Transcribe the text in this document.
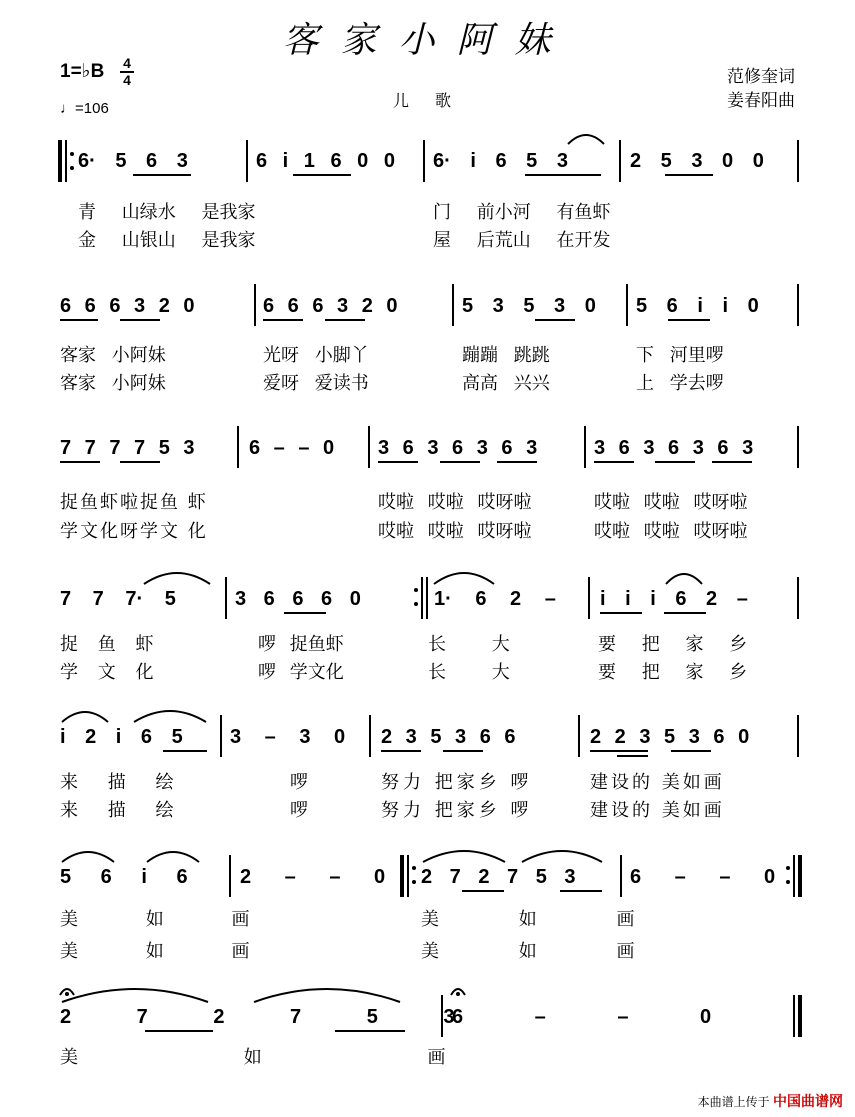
客家小阿妹
1=♭B 4
4
♩=106	儿歌
范修奎词
姜春阳曲
6· 5 6 3	6 i 1 6 0 0 6· i 6 5 3	2 5 3 0 0
青 山绿水 是我家	门 前小河 有鱼虾
金 山银山 是我家	屋 后荒山 在开发
6 6 6 3 2 0	6 6 6 3 2 0	5 3 5 3 0 5 6 i i 0
客家 小阿妹	光呀 小脚丫	蹦蹦 跳跳	下 河里啰
客家 小阿妹	爱呀 爱读书	高高 兴兴	上 学去啰
7 7 7 7 5 3	6 – – 0 3 6 3 6 3 6 3	3 6 3 6 3 6 3
捉鱼虾啦捉鱼 虾	哎啦 哎啦 哎呀啦	哎啦 哎啦 哎呀啦
学文化呀学文 化	哎啦 哎啦 哎呀啦	哎啦 哎啦 哎呀啦
7 7 7· 5	3 6 6 6 0	1· 6 2 – i i i 6 2 –
捉 鱼 虾	啰 捉鱼虾	长 大	要 把 家 乡
学 文 化	啰 学文化	长 大	要 把 家 乡
i 2 i 6 5 3 – 3 0 2 3 5 3 6 6	2 2 3 5 3 6 0
来 描 绘	啰	努力 把家乡 啰	建设的 美如画
来 描 绘	啰	努力 把家乡 啰	建设的 美如画
5 6 i 6	2 – – 0 2 7 2 7 5 3	6 – – 0
美 如 画	美 如 画
美 如 画	美 如 画
2 7 2 7 5 3
6 – – 0
美 如 画
本曲谱上传于 中国曲谱网
